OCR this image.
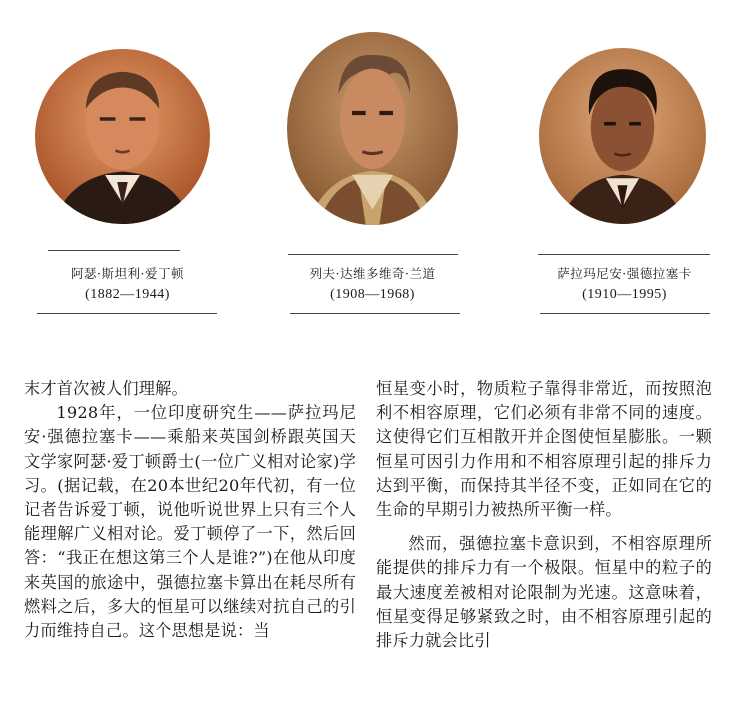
阿瑟·斯坦利·爱丁顿
(1882—1944)
列夫·达维多维奇·兰道
(1908—1968)
萨拉玛尼安·强德拉塞卡
(1910—1995)

末才首次被人们理解。

1928年，一位印度研究生——萨拉玛尼安·强德拉塞卡——乘船来英国剑桥跟英国天文学家阿瑟·爱丁顿爵士(一位广义相对论家)学习。(据记载，在20本世纪20年代初，有一位记者告诉爱丁顿，说他听说世界上只有三个人能理解广义相对论。爱丁顿停了一下，然后回答：“我正在想这第三个人是谁?”)在他从印度来英国的旅途中，强德拉塞卡算出在耗尽所有燃料之后，多大的恒星可以继续对抗自己的引力而维持自己。这个思想是说：当

恒星变小时，物质粒子靠得非常近，而按照泡利不相容原理，它们必须有非常不同的速度。这使得它们互相散开并企图使恒星膨胀。一颗恒星可因引力作用和不相容原理引起的排斥力达到平衡，而保持其半径不变，正如同在它的生命的早期引力被热所平衡一样。

然而，强德拉塞卡意识到，不相容原理所能提供的排斥力有一个极限。恒星中的粒子的最大速度差被相对论限制为光速。这意味着，恒星变得足够紧致之时，由不相容原理引起的排斥力就会比引
